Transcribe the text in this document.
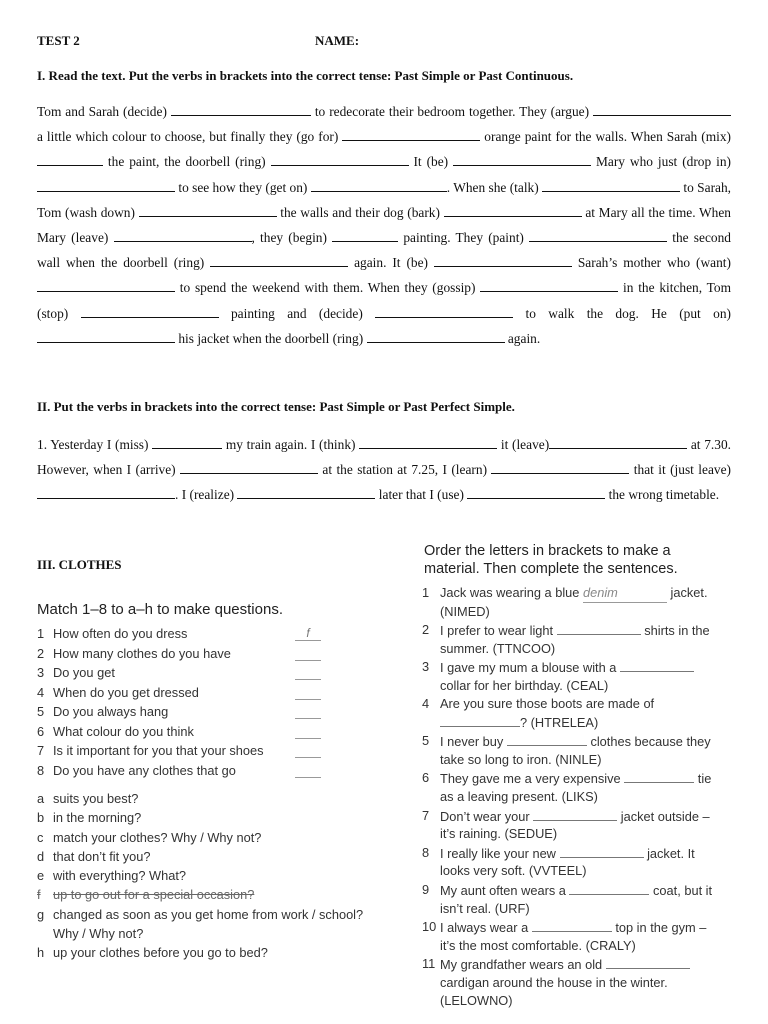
TEST 2	NAME:
I. Read the text. Put the verbs in brackets into the correct tense: Past Simple or Past Continuous.
Tom and Sarah (decide)	to redecorate their bedroom together. They (argue)  a little which colour to choose, but finally they (go for)	orange paint for the walls. When Sarah (mix)  the paint, the doorbell (ring)	It (be)	Mary who just (drop in)  to see how they (get on)	. When she (talk)	to Sarah, Tom (wash down)	the walls and their dog (bark)	at Mary all the time. When Mary (leave)	, they (begin)	painting. They (paint)	the second wall when the doorbell (ring)	again. It (be)	Sarah’s mother who (want)  to spend the weekend with them. When they (gossip)	in the kitchen, Tom (stop)	painting and (decide)	to walk the dog. He (put on)  his jacket when the doorbell (ring)	again.
II. Put the verbs in brackets into the correct tense: Past Simple or Past Perfect Simple.
1. Yesterday I (miss)	my train again. I (think)	it (leave)	at 7.30. However, when I (arrive)	at the station at 7.25, I (learn)	that it (just leave) . I (realize)	later that I (use)	the wrong timetable.
III. CLOTHES
Match 1–8 to a–h to make questions.
1 How often do you dress	f
2 How many clothes do you have
3 Do you get
4 When do you get dressed
5 Do you always hang
6 What colour do you think
7 Is it important for you that your shoes
8 Do you have any clothes that go
a suits you best?
b in the morning?
c match your clothes? Why / Why not?
d that don’t fit you?
e with everything? What?
f up to go out for a special occasion?
g changed as soon as you get home from work / school? Why / Why not?
h up your clothes before you go to bed?
Order the letters in brackets to make a material. Then complete the sentences.
1 Jack was wearing a blue denim	jacket. (NIMED)
2 I prefer to wear light	shirts in the summer. (TTNCOO)
3 I gave my mum a blouse with a  collar for her birthday. (CEAL)
4 Are you sure those boots are made of ? (HTRELEA)
5 I never buy	clothes because they take so long to iron. (NINLE)
6 They gave me a very expensive	tie as a leaving present. (LIKS)
7 Don’t wear your	jacket outside – it’s raining. (SEDUE)
8 I really like your new	jacket. It looks very soft. (VVTEEL)
9 My aunt often wears a	coat, but it isn’t real. (URF)
10 I always wear a	top in the gym – it’s the most comfortable. (CRALY)
11 My grandfather wears an old  cardigan around the house in the winter. (LELOWNO)
